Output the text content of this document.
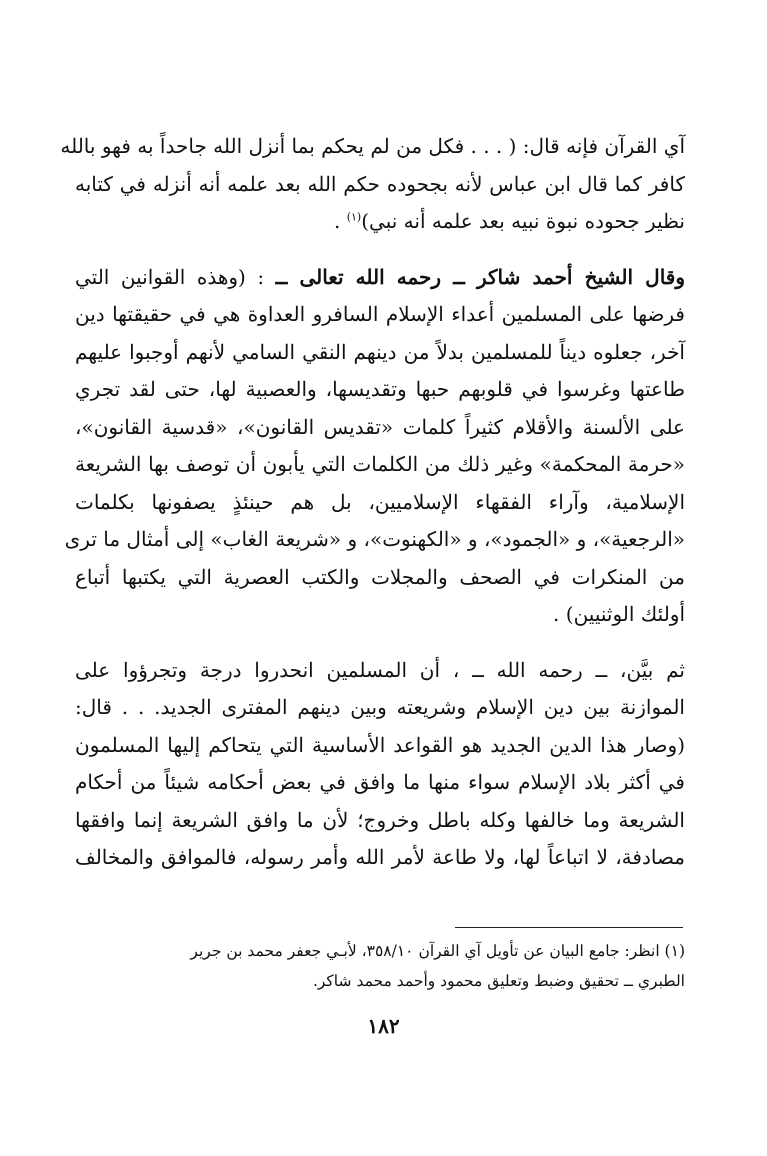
آي القرآن فإنه قال: ( . . . فكل من لم يحكم بما أنزل الله جاحداً به فهو بالله
كافر كما قال ابن عباس لأنه بجحوده حكم الله بعد علمه أنه أنزله في كتابه
نظير جحوده نبوة نبيه بعد علمه أنه نبي)$^{(١)}$ .

وقال الشيخ أحمد شاكر ــ رحمه الله تعالى ــ : (وهذه القوانين التي
فرضها على المسلمين أعداء الإسلام السافرو العداوة هي في حقيقتها دين
آخر، جعلوه ديناً للمسلمين بدلاً من دينهم النقي السامي لأنهم أوجبوا عليهم
طاعتها وغرسوا في قلوبهم حبها وتقديسها، والعصبية لها، حتى لقد تجري
على الألسنة والأقلام كثيراً كلمات «تقديس القانون»، «قدسية القانون»،
«حرمة المحكمة» وغير ذلك من الكلمات التي يأبون أن توصف بها الشريعة
الإسلامية، وآراء الفقهاء الإسلاميين، بل هم حينئذٍ يصفونها بكلمات
«الرجعية»، و «الجمود»، و «الكهنوت»، و «شريعة الغاب» إلى أمثال ما ترى
من المنكرات في الصحف والمجلات والكتب العصرية التي يكتبها أتباع
أولئك الوثنيين) .

ثم بيَّن، ــ رحمه الله ــ ، أن المسلمين انحدروا درجة وتجرؤوا على
الموازنة بين دين الإسلام وشريعته وبين دينهم المفترى الجديد. . . قال:
(وصار هذا الدين الجديد هو القواعد الأساسية التي يتحاكم إليها المسلمون
في أكثر بلاد الإسلام سواء منها ما وافق في بعض أحكامه شيئاً من أحكام
الشريعة وما خالفها وكله باطل وخروج؛ لأن ما وافق الشريعة إنما وافقها
مصادفة، لا اتباعاً لها، ولا طاعة لأمر الله وأمر رسوله، فالموافق والمخالف

(١) انظر: جامع البيان عن تأويل آي القرآن ٣٥٨/١٠، لأبـي جعفر محمد بن جرير
الطبري ــ تحقيق وضبط وتعليق محمود وأحمد محمد شاكر.
١٨٢
